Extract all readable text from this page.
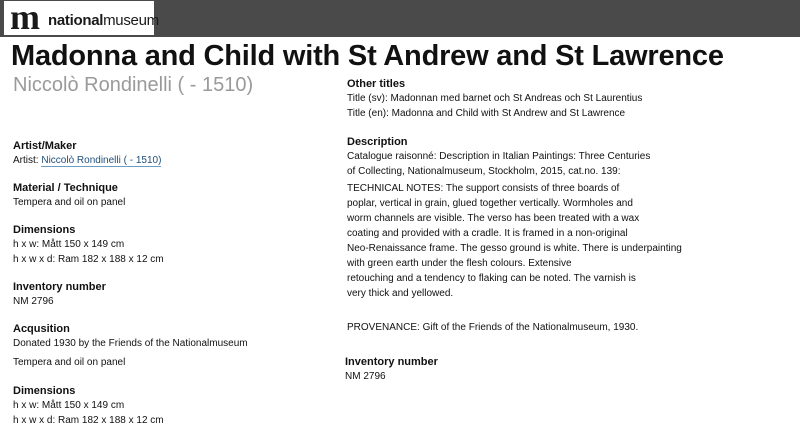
m nationalmuseum
Madonna and Child with St Andrew and St Lawrence
Niccolò Rondinelli ( - 1510)
Artist/Maker
Artist: Niccolò Rondinelli ( - 1510)
Material / Technique
Tempera and oil on panel
Dimensions
h x w: Mått 150 x 149 cm
h x w x d: Ram 182 x 188 x 12 cm
Inventory number
NM 2796
Acqusition
Donated 1930 by the Friends of the Nationalmuseum
Tempera and oil on panel
Dimensions
h x w: Mått 150 x 149 cm
h x w x d: Ram 182 x 188 x 12 cm
Other titles
Title (sv): Madonnan med barnet och St Andreas och St Laurentius
Title (en): Madonna and Child with St Andrew and St Lawrence
Description
Catalogue raisonné: Description in Italian Paintings: Three Centuries
of Collecting, Nationalmuseum, Stockholm, 2015, cat.no. 139:
TECHNICAL NOTES: The support consists of three boards of
poplar, vertical in grain, glued together vertically. Wormholes and
worm channels are visible. The verso has been treated with a wax
coating and provided with a cradle. It is framed in a non-original
Neo-Renaissance frame. The gesso ground is white. There is underpainting
with green earth under the flesh colours. Extensive
retouching and a tendency to flaking can be noted. The varnish is
very thick and yellowed.
PROVENANCE: Gift of the Friends of the Nationalmuseum, 1930.
Inventory number
NM 2796
